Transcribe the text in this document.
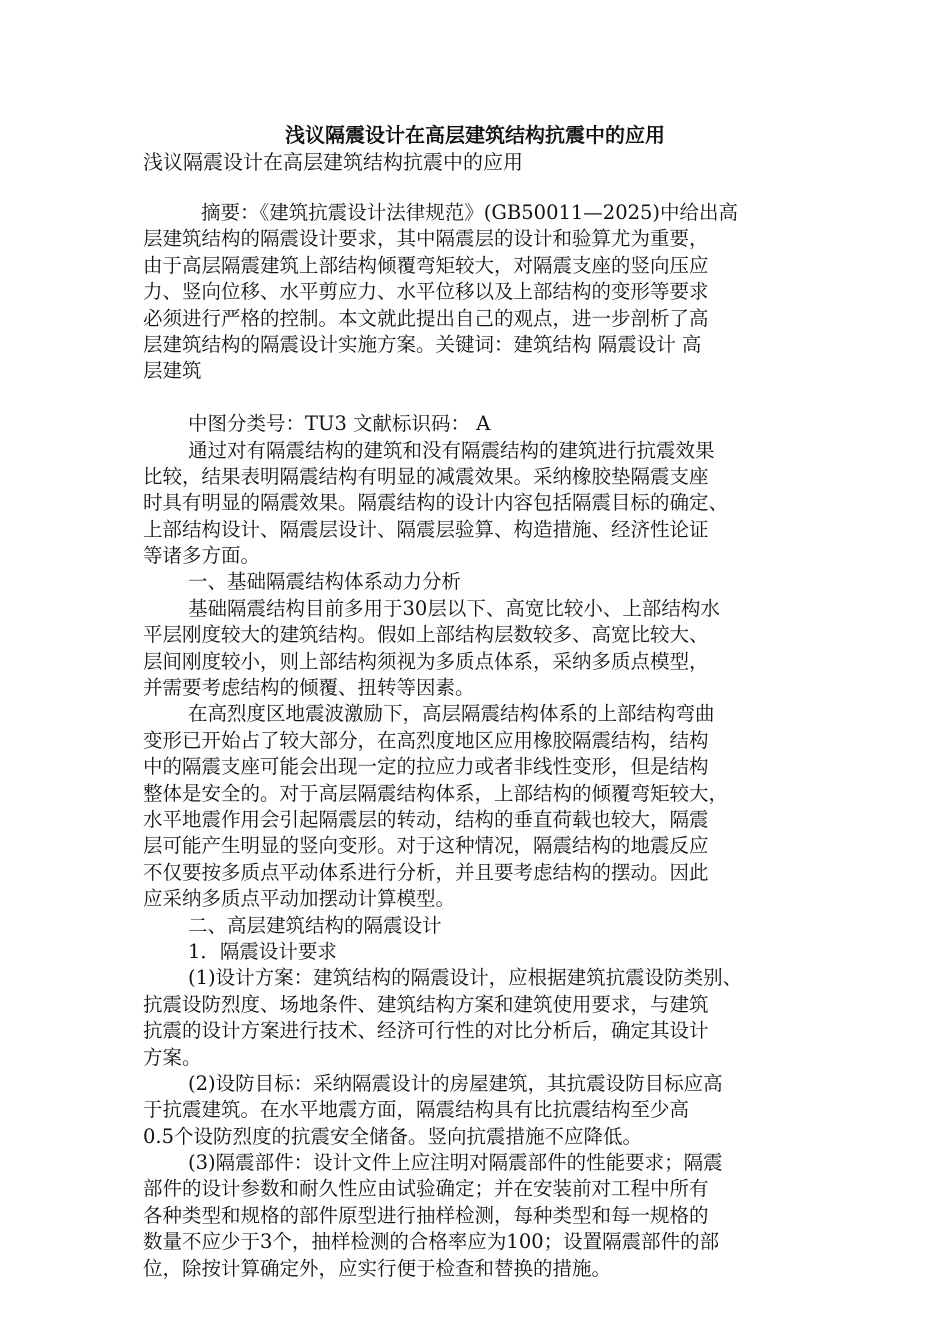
浅议隔震设计在高层建筑结构抗震中的应用

浅议隔震设计在高层建筑结构抗震中的应用

摘要：《建筑抗震设计法律规范》(GB50011—2025)中给出高
层建筑结构的隔震设计要求，其中隔震层的设计和验算尤为重要，
由于高层隔震建筑上部结构倾覆弯矩较大，对隔震支座的竖向压应
力、竖向位移、水平剪应力、水平位移以及上部结构的变形等要求
必须进行严格的控制。本文就此提出自己的观点，进一步剖析了高
层建筑结构的隔震设计实施方案。关键词：建筑结构 隔震设计 高
层建筑
中图分类号：TU3 文献标识码： A
通过对有隔震结构的建筑和没有隔震结构的建筑进行抗震效果
比较，结果表明隔震结构有明显的减震效果。采纳橡胶垫隔震支座
时具有明显的隔震效果。隔震结构的设计内容包括隔震目标的确定、
上部结构设计、隔震层设计、隔震层验算、构造措施、经济性论证
等诸多方面。
一、基础隔震结构体系动力分析
基础隔震结构目前多用于30层以下、高宽比较小、上部结构水
平层刚度较大的建筑结构。假如上部结构层数较多、高宽比较大、
层间刚度较小，则上部结构须视为多质点体系，采纳多质点模型，
并需要考虑结构的倾覆、扭转等因素。
在高烈度区地震波激励下，高层隔震结构体系的上部结构弯曲
变形已开始占了较大部分，在高烈度地区应用橡胶隔震结构，结构
中的隔震支座可能会出现一定的拉应力或者非线性变形，但是结构
整体是安全的。对于高层隔震结构体系，上部结构的倾覆弯矩较大，
水平地震作用会引起隔震层的转动，结构的垂直荷载也较大，隔震
层可能产生明显的竖向变形。对于这种情况，隔震结构的地震反应
不仅要按多质点平动体系进行分析，并且要考虑结构的摆动。因此
应采纳多质点平动加摆动计算模型。
二、高层建筑结构的隔震设计
1．隔震设计要求
(1)设计方案：建筑结构的隔震设计，应根据建筑抗震设防类别、
抗震设防烈度、场地条件、建筑结构方案和建筑使用要求，与建筑
抗震的设计方案进行技术、经济可行性的对比分析后，确定其设计
方案。
(2)设防目标：采纳隔震设计的房屋建筑，其抗震设防目标应高
于抗震建筑。在水平地震方面，隔震结构具有比抗震结构至少高
0.5个设防烈度的抗震安全储备。竖向抗震措施不应降低。
(3)隔震部件：设计文件上应注明对隔震部件的性能要求；隔震
部件的设计参数和耐久性应由试验确定；并在安装前对工程中所有
各种类型和规格的部件原型进行抽样检测，每种类型和每一规格的
数量不应少于3个，抽样检测的合格率应为100；设置隔震部件的部
位，除按计算确定外，应实行便于检查和替换的措施。
